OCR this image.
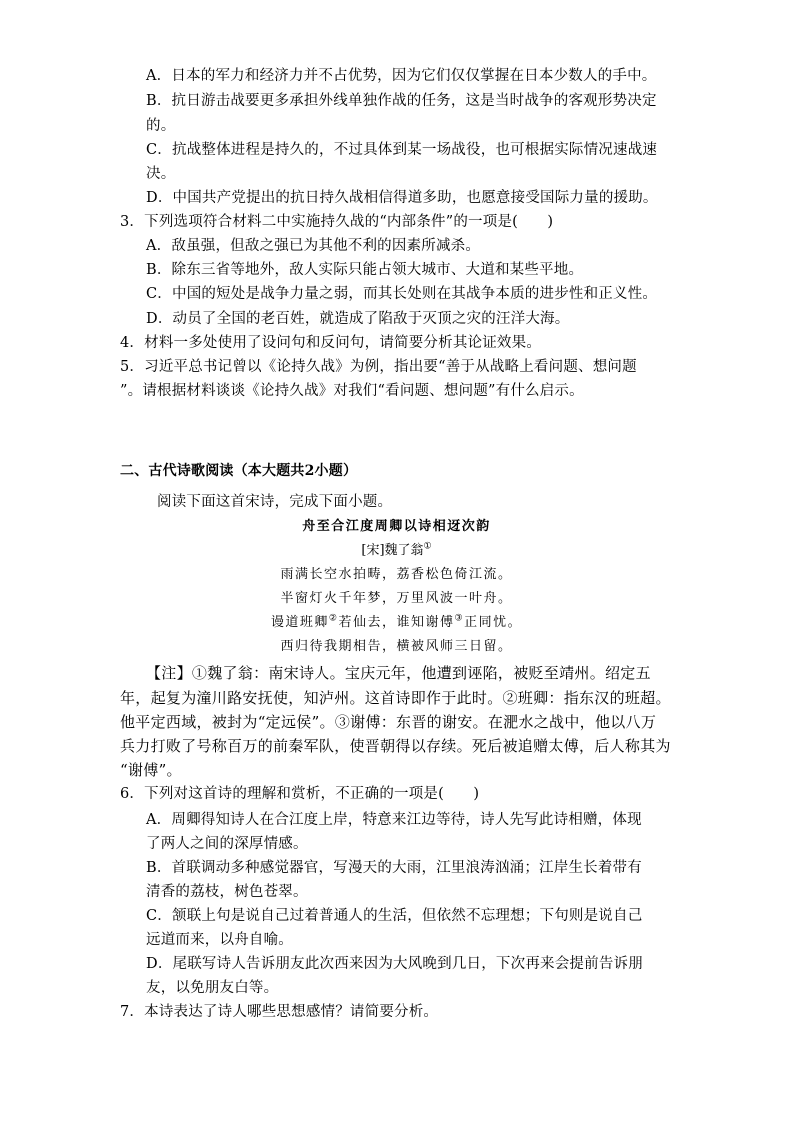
A．日本的军力和经济力并不占优势，因为它们仅仅掌握在日本少数人的手中。
B．抗日游击战要更多承担外线单独作战的任务，这是当时战争的客观形势决定
的。
C．抗战整体进程是持久的，不过具体到某一场战役，也可根据实际情况速战速
决。
D．中国共产党提出的抗日持久战相信得道多助，也愿意接受国际力量的援助。
3．下列选项符合材料二中实施持久战的“内部条件”的一项是(　　)
A．敌虽强，但敌之强已为其他不利的因素所减杀。
B．除东三省等地外，敌人实际只能占领大城市、大道和某些平地。
C．中国的短处是战争力量之弱，而其长处则在其战争本质的进步性和正义性。
D．动员了全国的老百姓，就造成了陷敌于灭顶之灾的汪洋大海。
4．材料一多处使用了设问句和反问句，请简要分析其论证效果。
5．习近平总书记曾以《论持久战》为例，指出要“善于从战略上看问题、想问题
”。请根据材料谈谈《论持久战》对我们“看问题、想问题”有什么启示。
二、古代诗歌阅读（本大题共2小题）
阅读下面这首宋诗，完成下面小题。
舟至合江度周卿以诗相迓次韵
[宋]魏了翁①
雨满长空水拍畴，荔香松色倚江流。
半窗灯火千年梦，万里风波一叶舟。
谩道班卿②若仙去，谁知谢傅③正同忧。
西归待我期相告，横被风师三日留。
【注】①魏了翁：南宋诗人。宝庆元年，他遭到诬陷，被贬至靖州。绍定五
年，起复为潼川路安抚使，知泸州。这首诗即作于此时。②班卿：指东汉的班超。
他平定西域，被封为“定远侯”。③谢傅：东晋的谢安。在淝水之战中，他以八万
兵力打败了号称百万的前秦军队，使晋朝得以存续。死后被追赠太傅，后人称其为
“谢傅”。
6．下列对这首诗的理解和赏析，不正确的一项是(　　)
A．周卿得知诗人在合江度上岸，特意来江边等待，诗人先写此诗相赠，体现
了两人之间的深厚情感。
B．首联调动多种感觉器官，写漫天的大雨，江里浪涛汹涌；江岸生长着带有
清香的荔枝，树色苍翠。
C．颔联上句是说自己过着普通人的生活，但依然不忘理想；下句则是说自己
远道而来，以舟自喻。
D．尾联写诗人告诉朋友此次西来因为大风晚到几日，下次再来会提前告诉朋
友，以免朋友白等。
7．本诗表达了诗人哪些思想感情？请简要分析。
